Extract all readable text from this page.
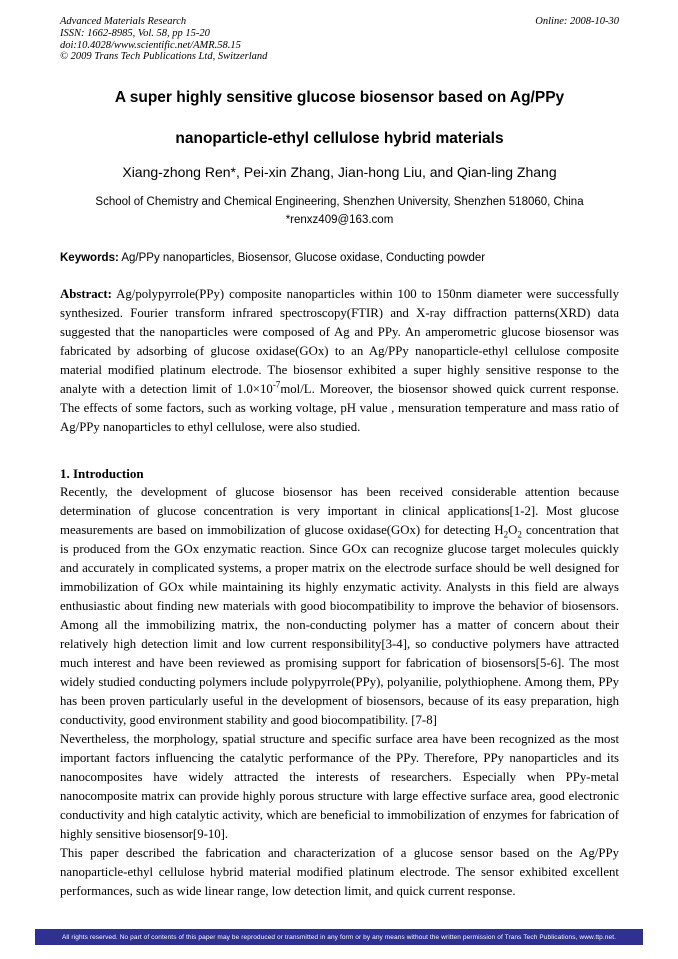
Advanced Materials Research
ISSN: 1662-8985, Vol. 58, pp 15-20
doi:10.4028/www.scientific.net/AMR.58.15
© 2009 Trans Tech Publications Ltd, Switzerland
Online: 2008-10-30
A super highly sensitive glucose biosensor based on Ag/PPy
nanoparticle-ethyl cellulose hybrid materials
Xiang-zhong Ren*, Pei-xin Zhang, Jian-hong Liu, and Qian-ling Zhang
School of Chemistry and Chemical Engineering, Shenzhen University, Shenzhen 518060, China
*renxz409@163.com

Keywords: Ag/PPy nanoparticles, Biosensor, Glucose oxidase, Conducting powder

Abstract: Ag/polypyrrole(PPy) composite nanoparticles within 100 to 150nm diameter were successfully synthesized. Fourier transform infrared spectroscopy(FTIR) and X-ray diffraction patterns(XRD) data suggested that the nanoparticles were composed of Ag and PPy. An amperometric glucose biosensor was fabricated by adsorbing of glucose oxidase(GOx) to an Ag/PPy nanoparticle-ethyl cellulose composite material modified platinum electrode. The biosensor exhibited a super highly sensitive response to the analyte with a detection limit of $1.0\times 10^{-7}mol/L$. Moreover, the biosensor showed quick current response. The effects of some factors, such as working voltage, pH value , mensuration temperature and mass ratio of Ag/PPy nanoparticles to ethyl cellulose, were also studied.

1. Introduction

Recently, the development of glucose biosensor has been received considerable attention because determination of glucose concentration is very important in clinical applications[1-2]. Most glucose measurements are based on immobilization of glucose oxidase(GOx) for detecting $H_2O_2$ concentration that is produced from the GOx enzymatic reaction. Since GOx can recognize glucose target molecules quickly and accurately in complicated systems, a proper matrix on the electrode surface should be well designed for immobilization of GOx while maintaining its highly enzymatic activity. Analysts in this field are always enthusiastic about finding new materials with good biocompatibility to improve the behavior of biosensors. Among all the immobilizing matrix, the non-conducting polymer has a matter of concern about their relatively high detection limit and low current responsibility[3-4], so conductive polymers have attracted much interest and have been reviewed as promising support for fabrication of biosensors[5-6]. The most widely studied conducting polymers include polypyrrole(PPy), polyanilie, polythiophene. Among them, PPy has been proven particularly useful in the development of biosensors, because of its easy preparation, high conductivity, good environment stability and good biocompatibility. [7-8]

Nevertheless, the morphology, spatial structure and specific surface area have been recognized as the most important factors influencing the catalytic performance of the PPy. Therefore, PPy nanoparticles and its nanocomposites have widely attracted the interests of researchers. Especially when PPy-metal nanocomposite matrix can provide highly porous structure with large effective surface area, good electronic conductivity and high catalytic activity, which are beneficial to immobilization of enzymes for fabrication of highly sensitive biosensor[9-10].

This paper described the fabrication and characterization of a glucose sensor based on the Ag/PPy nanoparticle-ethyl cellulose hybrid material modified platinum electrode. The sensor exhibited excellent performances, such as wide linear range, low detection limit, and quick current response.

All rights reserved. No part of contents of this paper may be reproduced or transmitted in any form or by any means without the written permission of Trans Tech Publications, www.ttp.net.
